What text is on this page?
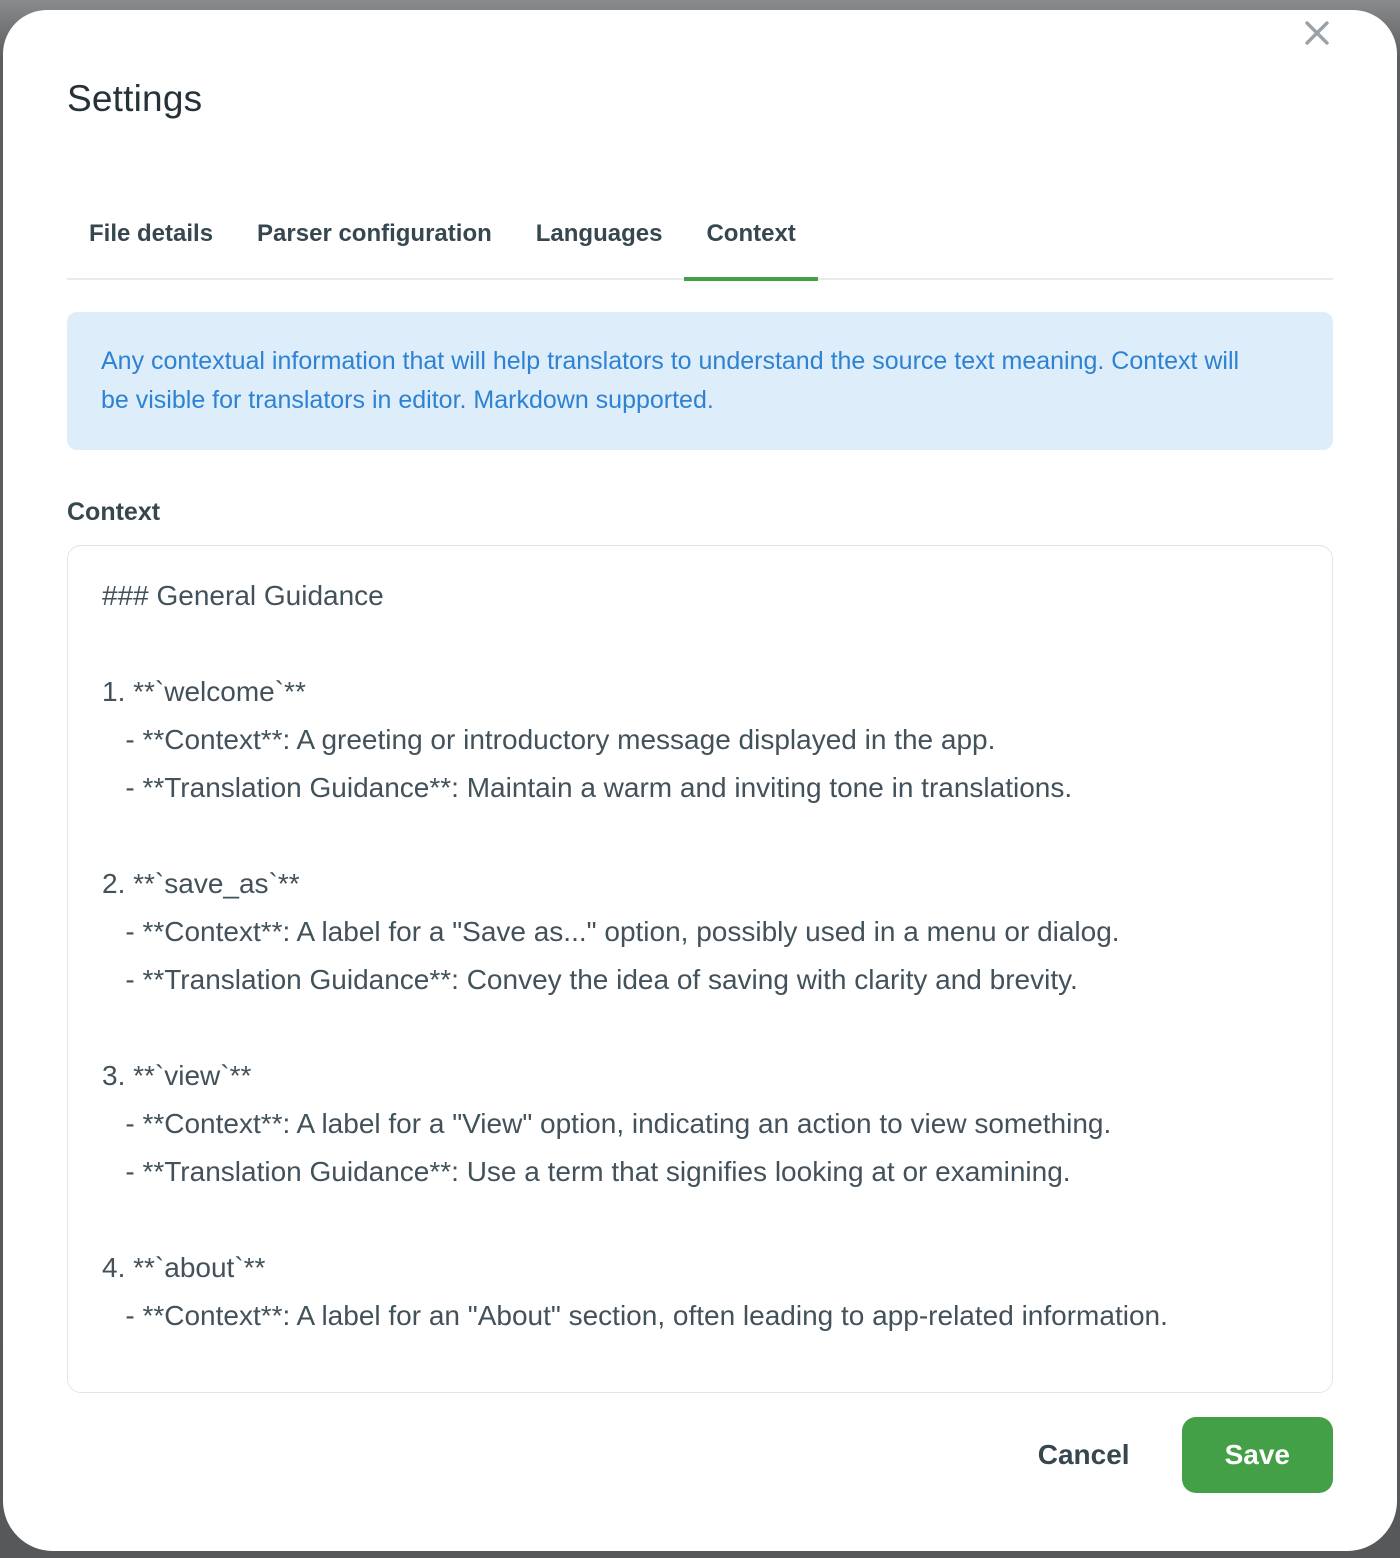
Settings
File details	Parser configuration	Languages	Context

Any contextual information that will help translators to understand the source text meaning. Context will be visible for translators in editor. Markdown supported.

Context
### General Guidance 1. **`welcome`** - **Context**: A greeting or introductory message displayed in the app. - **Translation Guidance**: Maintain a warm and inviting tone in translations. 2. **`save_as`** - **Context**: A label for a "Save as..." option, possibly used in a menu or dialog. - **Translation Guidance**: Convey the idea of saving with clarity and brevity. 3. **`view`** - **Context**: A label for a "View" option, indicating an action to view something. - **Translation Guidance**: Use a term that signifies looking at or examining. 4. **`about`** - **Context**: A label for an "About" section, often leading to app-related information.
Cancel	Save
